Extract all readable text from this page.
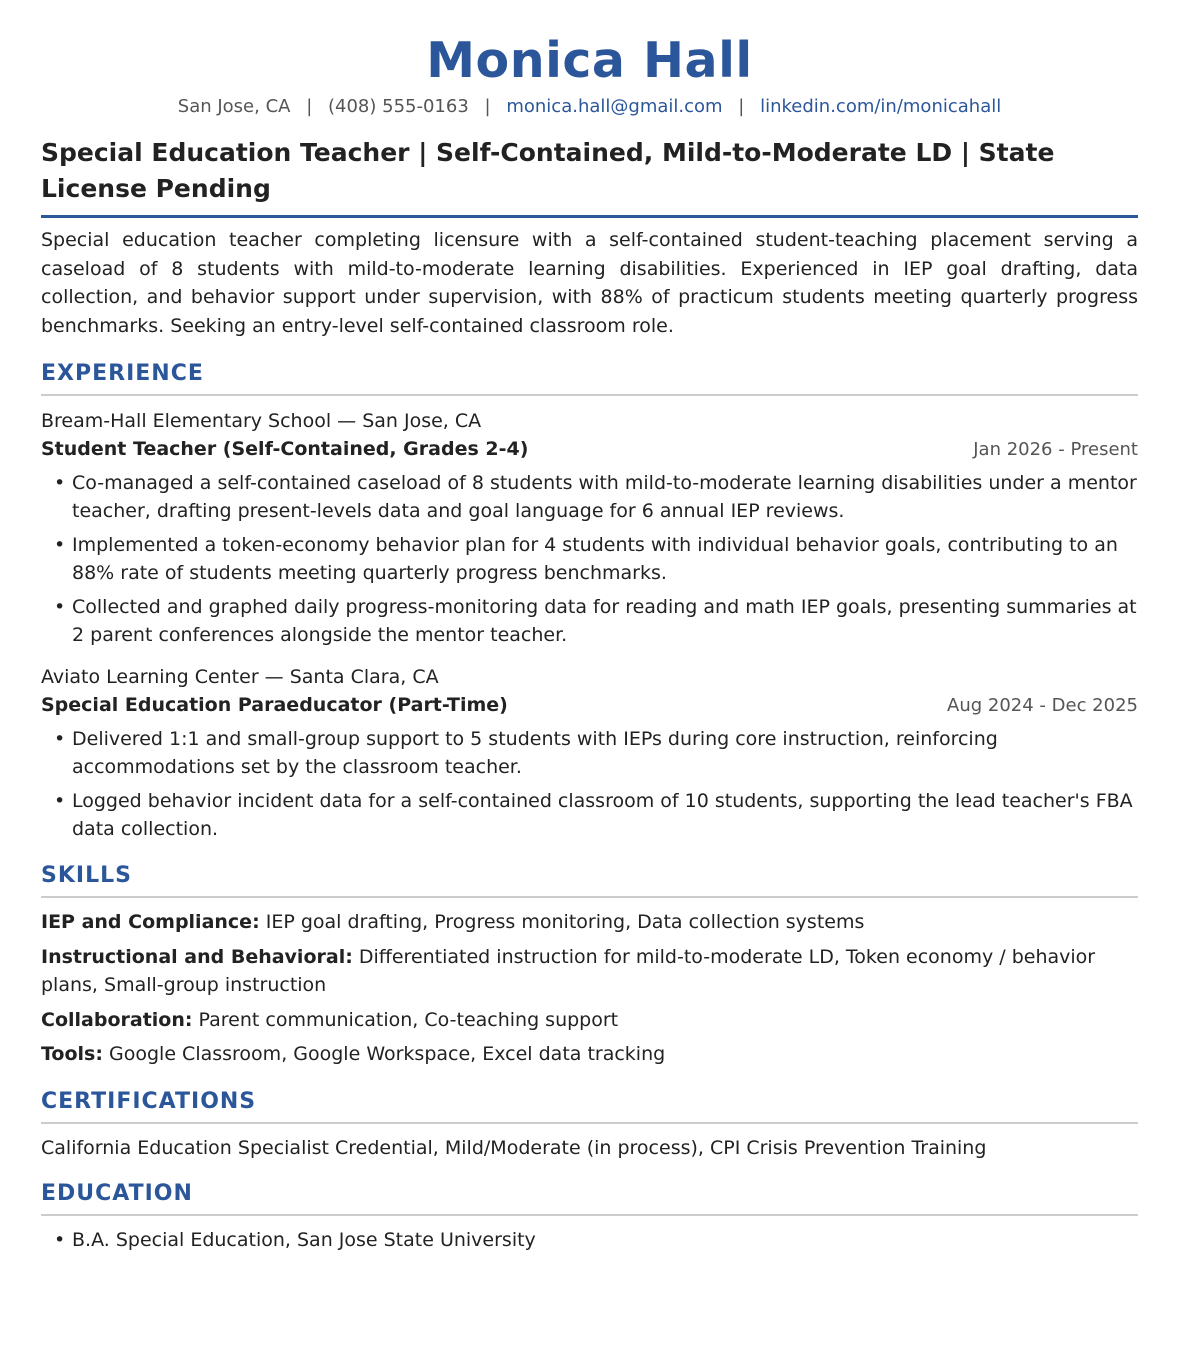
Monica Hall
San Jose, CA | (408) 555-0163 | monica.hall@gmail.com | linkedin.com/in/monicahall
Special Education Teacher | Self-Contained, Mild-to-Moderate LD | State License Pending
Special education teacher completing licensure with a self-contained student-teaching placement serving a caseload of 8 students with mild-to-moderate learning disabilities. Experienced in IEP goal drafting, data collection, and behavior support under supervision, with 88% of practicum students meeting quarterly progress benchmarks. Seeking an entry-level self-contained classroom role.
EXPERIENCE
Bream-Hall Elementary School — San Jose, CA
Student Teacher (Self-Contained, Grades 2-4)	Jan 2026 - Present
• Co-managed a self-contained caseload of 8 students with mild-to-moderate learning disabilities under a mentor teacher, drafting present-levels data and goal language for 6 annual IEP reviews.
• Implemented a token-economy behavior plan for 4 students with individual behavior goals, contributing to an 88% rate of students meeting quarterly progress benchmarks.
• Collected and graphed daily progress-monitoring data for reading and math IEP goals, presenting summaries at 2 parent conferences alongside the mentor teacher.
Aviato Learning Center — Santa Clara, CA
Special Education Paraeducator (Part-Time)	Aug 2024 - Dec 2025
• Delivered 1:1 and small-group support to 5 students with IEPs during core instruction, reinforcing accommodations set by the classroom teacher.
• Logged behavior incident data for a self-contained classroom of 10 students, supporting the lead teacher's FBA data collection.
SKILLS
IEP and Compliance: IEP goal drafting, Progress monitoring, Data collection systems
Instructional and Behavioral: Differentiated instruction for mild-to-moderate LD, Token economy / behavior plans, Small-group instruction
Collaboration: Parent communication, Co-teaching support
Tools: Google Classroom, Google Workspace, Excel data tracking
CERTIFICATIONS
California Education Specialist Credential, Mild/Moderate (in process), CPI Crisis Prevention Training
EDUCATION
• B.A. Special Education, San Jose State University
